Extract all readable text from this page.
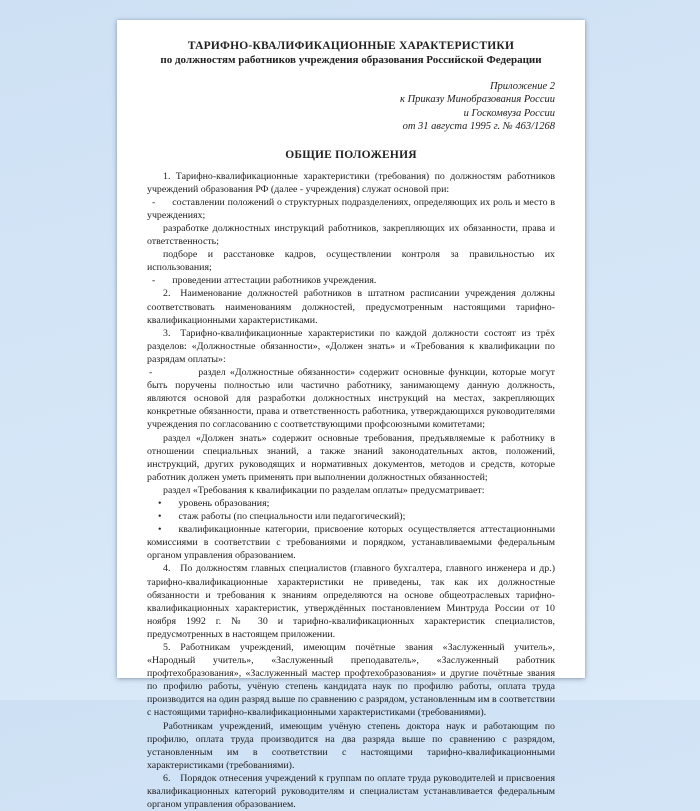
ТАРИФНО-КВАЛИФИКАЦИОННЫЕ ХАРАКТЕРИСТИКИ
по должностям работников учреждения образования Российской Федерации
Приложение 2
к Приказу Минобразования России
и Госкомвуза России
от 31 августа 1995 г. № 463/1268
ОБЩИЕ ПОЛОЖЕНИЯ
1. Тарифно-квалификационные характеристики (требования) по должностям работников учреждений образования РФ (далее - учреждения) служат основой при:
- составлении положений о структурных подразделениях, определяющих их роль и место в учреждениях;
разработке должностных инструкций работников, закрепляющих их обязанности, права и ответственность;
подборе и расстановке кадров, осуществлении контроля за правильностью их использования;
- проведении аттестации работников учреждения.
2. Наименование должностей работников в штатном расписании учреждения должны соответствовать наименованиям должностей, предусмотренным настоящими тарифно-квалификационными характеристиками.
3. Тарифно-квалификационные характеристики по каждой должности состоят из трёх разделов: «Должностные обязанности», «Должен знать» и «Требования к квалификации по разрядам оплаты»:
-	раздел «Должностные обязанности» содержит основные функции, которые могут быть поручены полностью или частично работнику, занимающему данную должность, являются основой для разработки должностных инструкций на местах, закрепляющих конкретные обязанности, права и ответственность работника, утверждающихся руководителями учреждения по согласованию с соответствующими профсоюзными комитетами;
раздел «Должен знать» содержит основные требования, предъявляемые к работнику в отношении специальных знаний, а также знаний законодательных актов, положений, инструкций, других руководящих и нормативных документов, методов и средств, которые работник должен уметь применять при выполнении должностных обязанностей;
раздел «Требования к квалификации по разделам оплаты» предусматривает:
• уровень образования;
• стаж работы (по специальности или педагогический);
• квалификационные категории, присвоение которых осуществляется аттестационными комиссиями в соответствии с требованиями и порядком, устанавливаемыми федеральным органом управления образованием.
4. По должностям главных специалистов (главного бухгалтера, главного инженера и др.) тарифно-квалификационные характеристики не приведены, так как их должностные обязанности и требования к знаниям определяются на основе общеотраслевых тарифно-квалификационных характеристик, утверждённых постановлением Минтруда России от 10 ноября 1992 г. № 30 и тарифно-квалификационных характеристик специалистов, предусмотренных в настоящем приложении.
5. Работникам учреждений, имеющим почётные звания «Заслуженный учитель», «Народный учитель», «Заслуженный преподаватель», «Заслуженный работник профтехобразования», «Заслуженный мастер профтехобразования» и другие почётные звания по профилю работы, учёную степень кандидата наук по профилю работы, оплата труда производится на один разряд выше по сравнению с разрядом, установленным им в соответствии с настоящими тарифно-квалификационными характеристиками (требованиями).
Работникам учреждений, имеющим учёную степень доктора наук и работающим по профилю, оплата труда производится на два разряда выше по сравнению с разрядом, установленным им в соответствии с настоящими тарифно-квалификационными характеристиками (требованиями).
6. Порядок отнесения учреждений к группам по оплате труда руководителей и присвоения квалификационных категорий руководителям и специалистам устанавливается федеральным органом управления образованием.
